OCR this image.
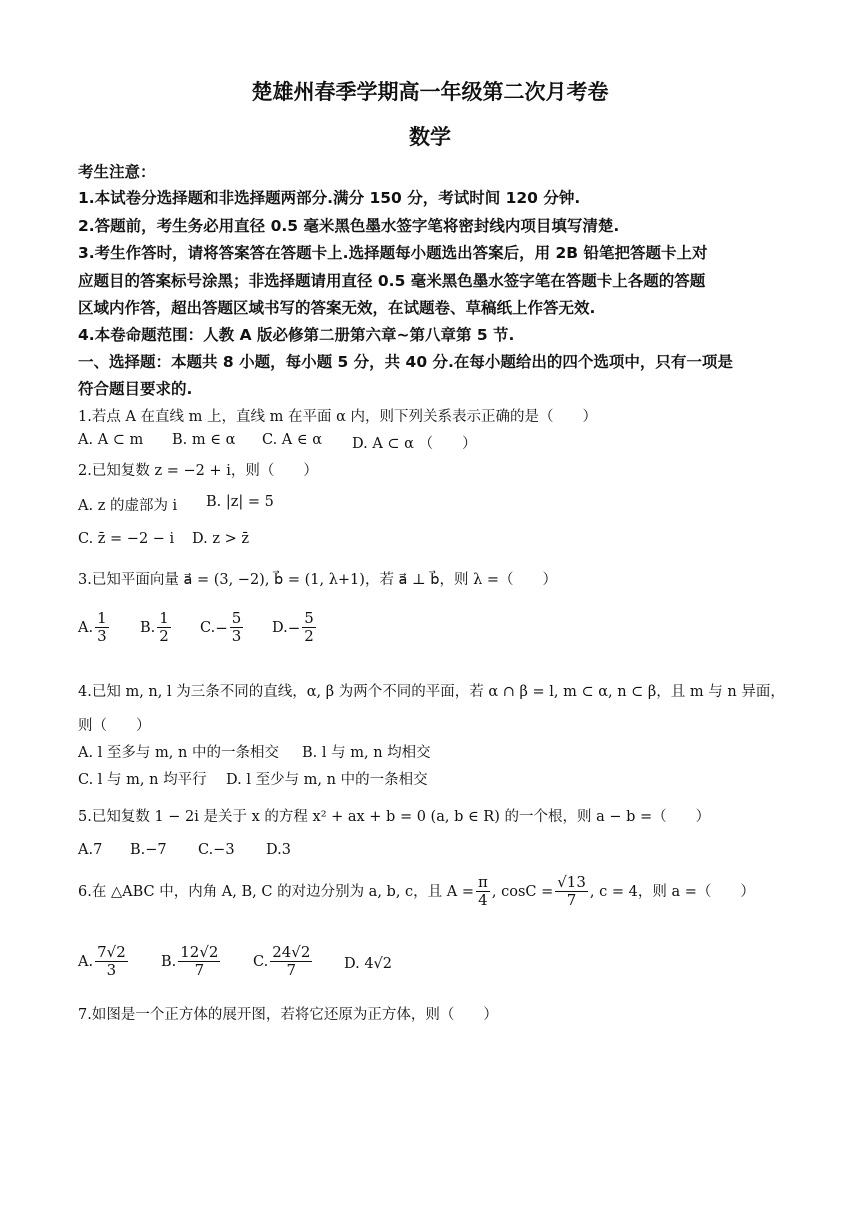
楚雄州春季学期高一年级第二次月考卷
数学

考生注意：

1.本试卷分选择题和非选择题两部分.满分 150 分，考试时间 120 分钟.

2.答题前，考生务必用直径 0.5 毫米黑色墨水签字笔将密封线内项目填写清楚.

3.考生作答时，请将答案答在答题卡上.选择题每小题选出答案后，用 2B 铅笔把答题卡上对

应题目的答案标号涂黑；非选择题请用直径 0.5 毫米黑色墨水签字笔在答题卡上各题的答题

区域内作答，超出答题区域书写的答案无效，在试题卷、草稿纸上作答无效.

4.本卷命题范围：人教 A 版必修第二册第六章~第八章第 5 节.

一、选择题：本题共 8 小题，每小题 5 分，共 40 分.在每小题给出的四个选项中，只有一项是

符合题目要求的.

1.若点 A 在直线 m 上，直线 m 在平面 α 内，则下列关系表示正确的是（　　）

A. A ⊂ m B. m ∈ α C. A ∈ α D. A ⊂ α （　　）

2.已知复数 z = −2 + i，则（　　）

A. z 的虚部为 i B. |z| = 5
C. z̄ = −2 − i D. z > z̄

3.已知平面向量 a⃗ = (3, −2), b⃗ = (1, λ+1)，若 a⃗ ⊥ b⃗，则 λ =（　　）

A. $\frac{1}{3} B$. $\frac{1}{2} C.- \frac{5}{3} D.- \frac{5}{2}$

4.已知 m, n, l 为三条不同的直线，α, β 为两个不同的平面，若 α ∩ β = l, m ⊂ α, n ⊂ β，且 m 与 n 异面，

则（　　）

A. l 至多与 m, n 中的一条相交 B. l 与 m, n 均相交
C. l 与 m, n 均平行 D. l 至少与 m, n 中的一条相交

5.已知复数 1 − 2i 是关于 x 的方程 x² + ax + b = 0 (a, b ∈ R) 的一个根，则 a − b =（　　）

A.7 B.−7 C.−3 D.3
6.在 △ABC 中，内角 A, B, C 的对边分别为 a, b, c，且 $A = \frac{\pi}{4}$ , $\cos C = \frac{√13}{7}$ , c = 4，则 a =（　　）
A. $\frac{7√2}{3} B$. $\frac{12√2}{7} C$. $\frac{24√2}{7} D$. 4√2

7.如图是一个正方体的展开图，若将它还原为正方体，则（　　）
